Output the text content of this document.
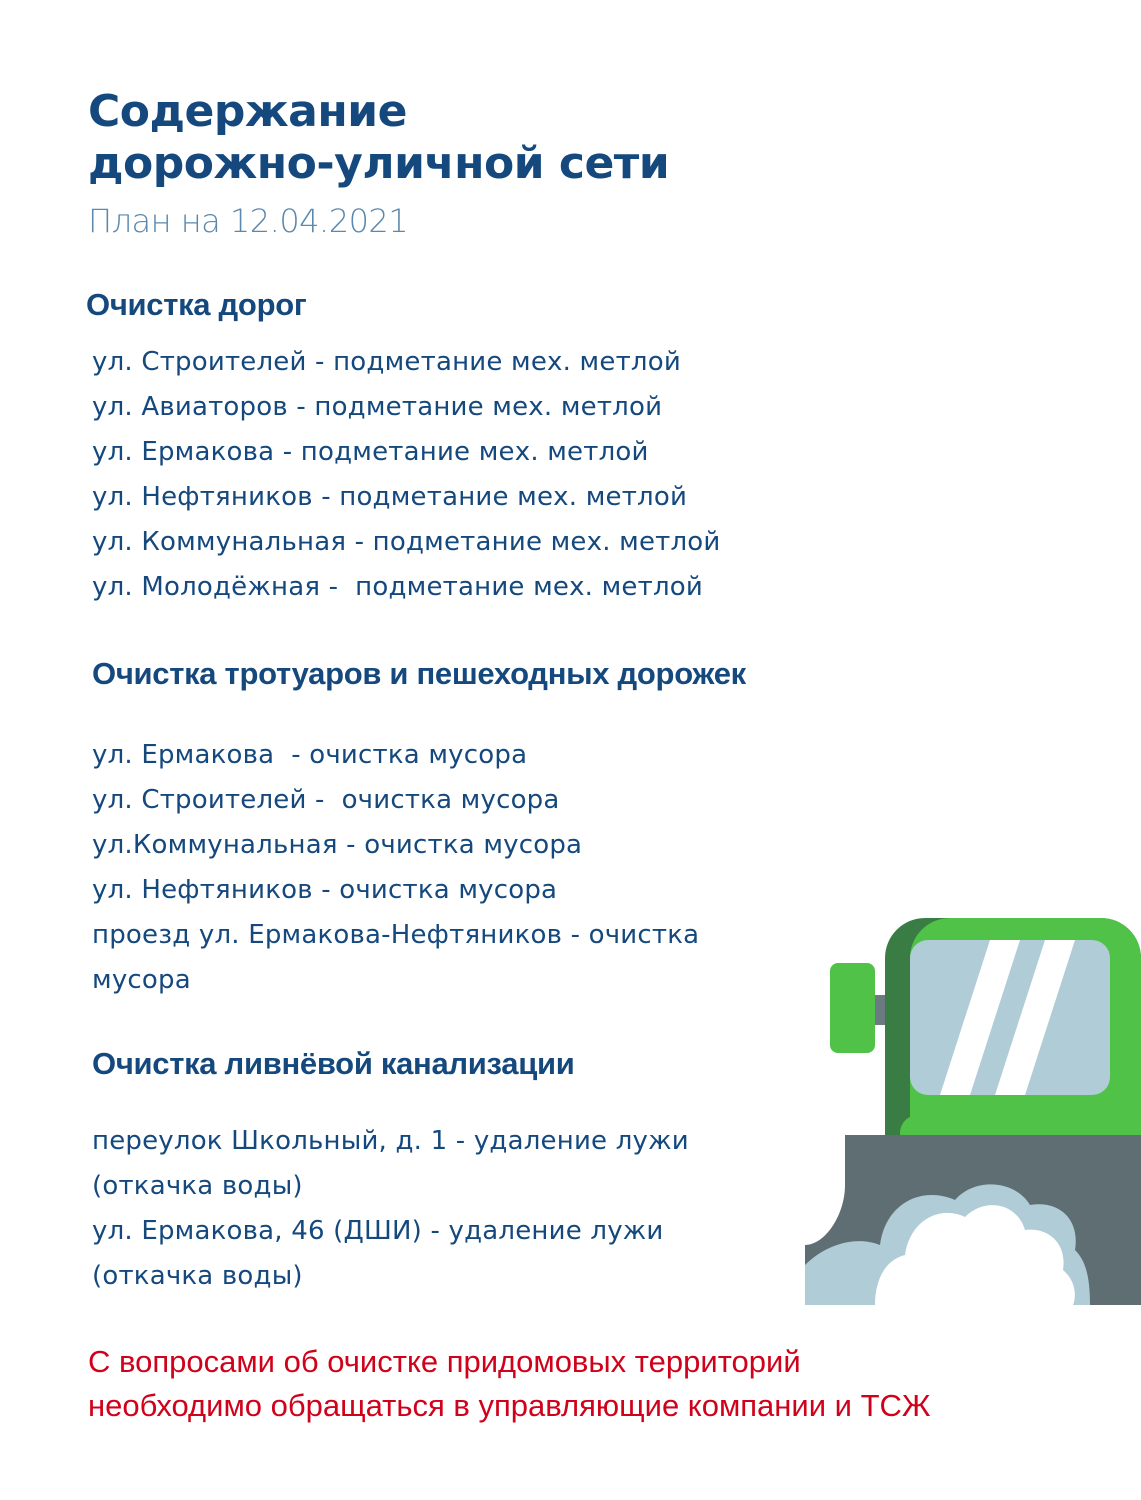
Содержание
дорожно-уличной сети
План на 12.04.2021
Очистка дорог
ул. Строителей - подметание мех. метлой
ул. Авиаторов - подметание мех. метлой
ул. Ермакова - подметание мех. метлой
ул. Нефтяников - подметание мех. метлой
ул. Коммунальная - подметание мех. метлой
ул. Молодёжная -  подметание мех. метлой
Очистка тротуаров и пешеходных дорожек
ул. Ермакова  - очистка мусора
ул. Строителей -  очистка мусора
ул.Коммунальная - очистка мусора
ул. Нефтяников - очистка мусора
проезд ул. Ермакова-Нефтяников - очистка
мусора
Очистка ливнёвой канализации
переулок Школьный, д. 1 - удаление лужи
(откачка воды)
ул. Ермакова, 46 (ДШИ) - удаление лужи
(откачка воды)
С вопросами об очистке придомовых территорий
необходимо обращаться в управляющие компании и ТСЖ
